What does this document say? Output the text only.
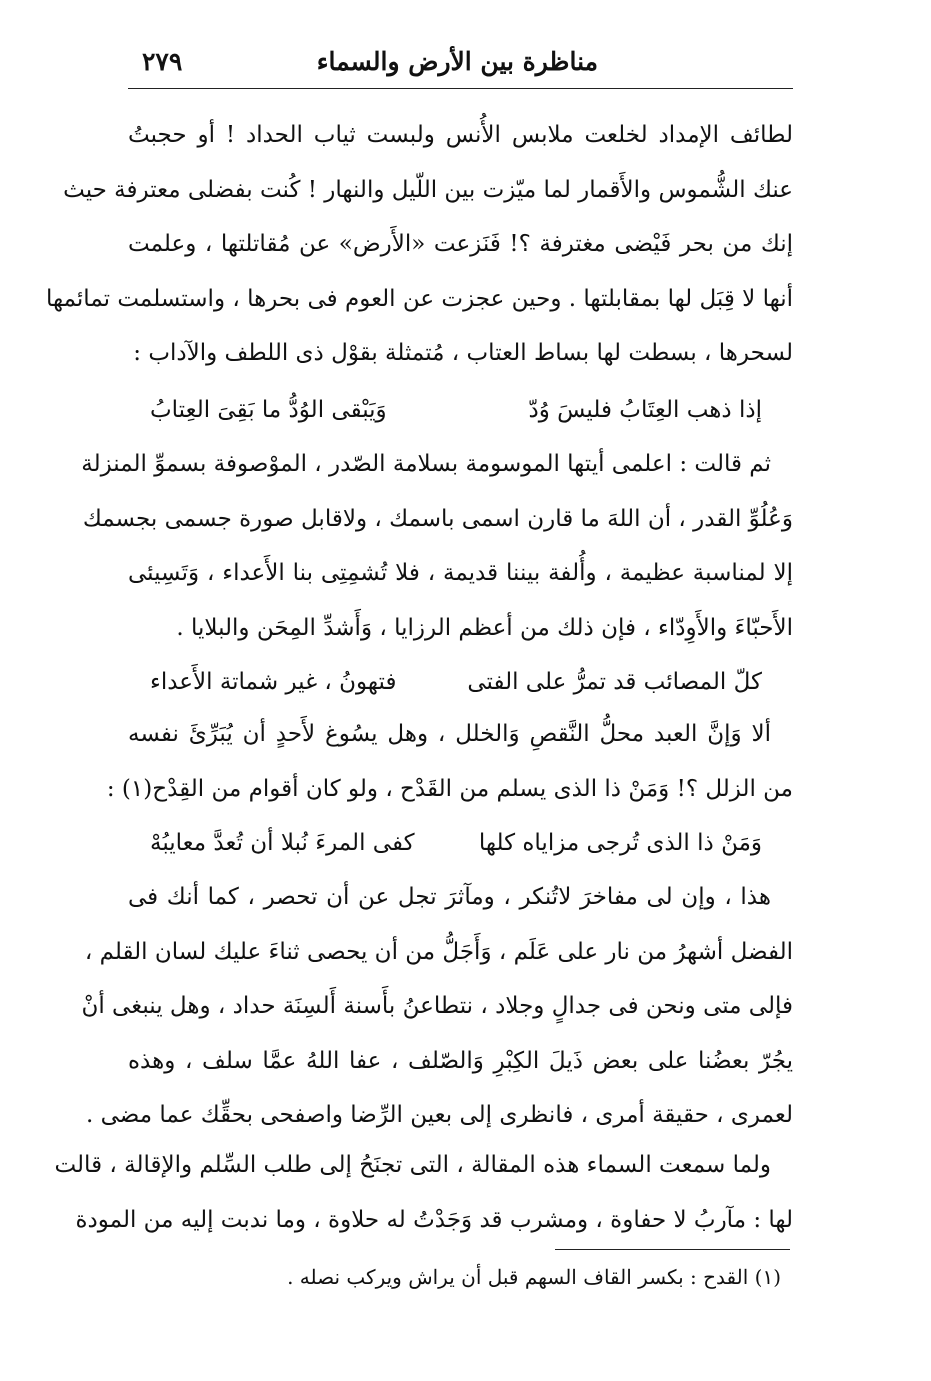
مناظرة بين الأرض والسماء
٢٧٩
لطائف الإمداد لخلعت ملابس الأُنس ولبست ثياب الحداد ! أو حجبتُ
عنك الشُّموس والأَقمار لما ميّزت بين اللّيل والنهار ! كُنت بفضلى معترفة حيث
إنك من بحر فَيْضى مغترفة ؟! فَنَزعت «الأَرض» عن مُقاتلتها ، وعلمت
أنها لا قِبَل لها بمقابلتها . وحين عجزت عن العوم فى بحرها ، واستسلمت تمائمها
لسحرها ، بسطت لها بساط العتاب ، مُتمثلة بقوْل ذى اللطف والآداب :
إذا ذهب العِتَابُ فليسَ وُدّ
وَيَبْقى الوُدُّ ما بَقِىَ العِتابُ
ثم قالت : اعلمى أيتها الموسومة بسلامة الصّدر ، الموْصوفة بسموِّ المنزلة
وَعُلُوِّ القدر ، أن اللهَ ما قارن اسمى باسمك ، ولاقابل صورة جسمى بجسمك
إلا لمناسبة عظيمة ، وأُلفة بيننا قديمة ، فلا تُشمِتِى بنا الأَعداء ، وَتَسِيئى
الأَحبّاءَ والأَوِدّاء ، فإن ذلك من أعظم الرزايا ، وَأَشدِّ المِحَن والبلايا .
كلّ المصائب قد تمرُّ على الفتى
فتهونُ ، غير شماتة الأَعداء
ألا وَإنَّ العبد محلُّ النَّقصِ وَالخلل ، وهل يسُوغ لأَحدٍ أن يُبَرِّئَ نفسه
من الزلل ؟! وَمَنْ ذا الذى يسلم من القَدْح ، ولو كان أقوام من القِدْح(١) :
وَمَنْ ذا الذى تُرجى مزاياه كلها
كفى المرءَ نُبلا أن تُعدَّ معايبُهْ
هذا ، وإن لى مفاخرَ لاتُنكر ، ومآثرَ تجل عن أن تحصر ، كما أنك فى
الفضل أشهرُ من نار على عَلَم ، وَأَجَلُّ من أن يحصى ثناءَ عليك لسان القلم ،
فإلى متى ونحن فى جدالٍ وجلاد ، نتطاعنُ بأَسنة أَلسِنَة حداد ، وهل ينبغى أنْ
يجُرّ بعضُنا على بعض ذَيلَ الكِبْرِ وَالصّلف ، عفا اللهُ عمَّا سلف ، وهذه
لعمرى ، حقيقة أمرى ، فانظرى إلى بعين الرِّضا واصفحى بحقِّك عما مضى .
ولما سمعت السماء هذه المقالة ، التى تجنَحُ إلى طلب السِّلم والإقالة ، قالت
لها : مآربُ لا حفاوة ، ومشرب قد وَجَدْتُ له حلاوة ، وما ندبت إليه من المودة
(١) القدح : بكسر القاف السهم قبل أن يراش ويركب نصله .
